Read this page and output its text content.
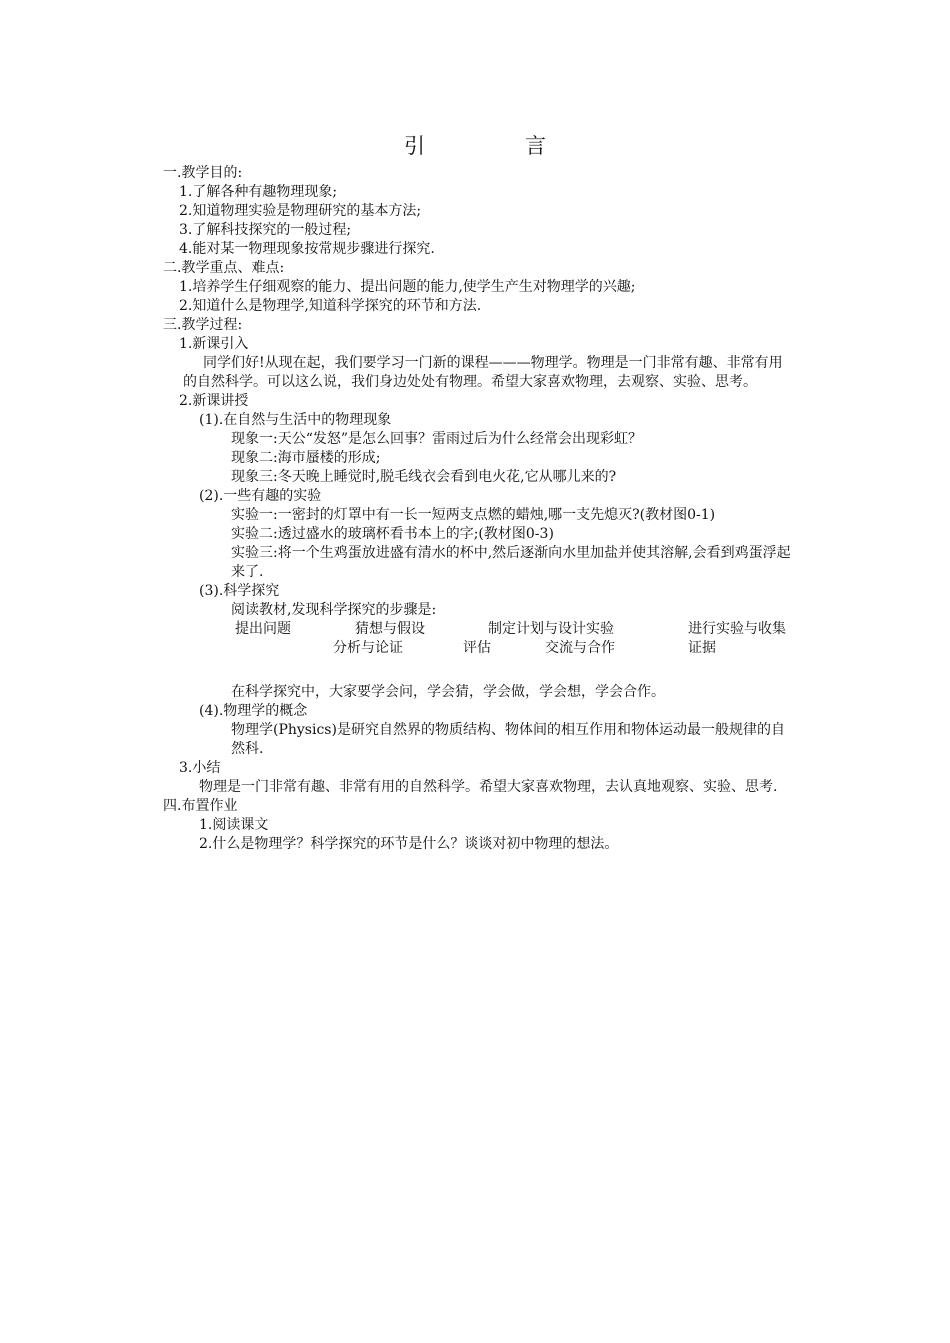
引	言
一.教学目的:
1.了解各种有趣物理现象;
2.知道物理实验是物理研究的基本方法;
3.了解科技探究的一般过程;
4.能对某一物理现象按常规步骤进行探究.
二.教学重点、难点:
1.培养学生仔细观察的能力、提出问题的能力,使学生产生对物理学的兴趣;
2.知道什么是物理学,知道科学探究的环节和方法.
三.教学过程:
1.新课引入
同学们好!从现在起，我们要学习一门新的课程———物理学。物理是一门非常有趣、非常有用的自然科学。可以这么说，我们身边处处有物理。希望大家喜欢物理，去观察、实验、思考。
2.新课讲授
(1).在自然与生活中的物理现象
现象一:天公“发怒”是怎么回事？雷雨过后为什么经常会出现彩虹？
现象二:海市蜃楼的形成;
现象三:冬天晚上睡觉时,脱毛线衣会看到电火花,它从哪儿来的?
(2).一些有趣的实验
实验一:一密封的灯罩中有一长一短两支点燃的蜡烛,哪一支先熄灭?(教材图0-1)
实验二:透过盛水的玻璃杯看书本上的字;(教材图0-3)
实验三:将一个生鸡蛋放进盛有清水的杯中,然后逐渐向水里加盐并使其溶解,会看到鸡蛋浮起来了.
(3).科学探究
阅读教材,发现科学探究的步骤是:
提出问题	猜想与假设	制定计划与设计实验	进行实验与收集证据
分析与论证	评估	交流与合作
在科学探究中，大家要学会问，学会猜，学会做，学会想，学会合作。
(4).物理学的概念
物理学(Physics)是研究自然界的物质结构、物体间的相互作用和物体运动最一般规律的自然科.
3.小结
物理是一门非常有趣、非常有用的自然科学。希望大家喜欢物理，去认真地观察、实验、思考.
四.布置作业
1.阅读课文
2.什么是物理学？科学探究的环节是什么？谈谈对初中物理的想法。
